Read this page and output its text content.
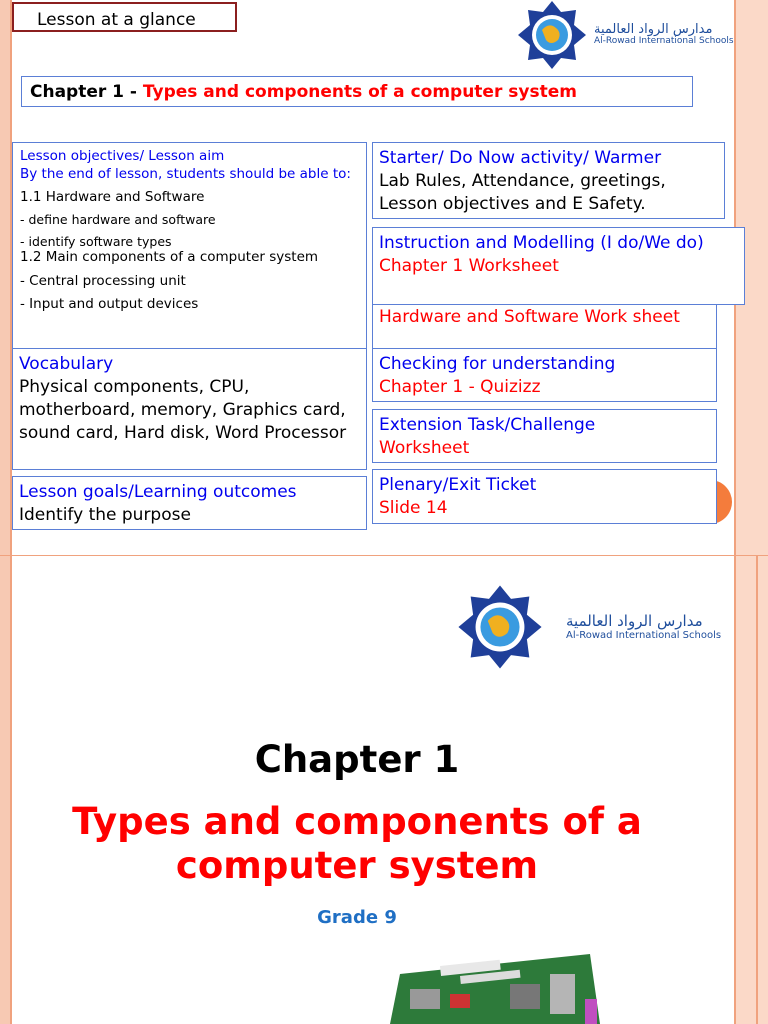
Lesson at a glance	مدارس الرواد العالمية
Al-Rowad International Schools
Chapter 1 - Types and components of a computer system
Lesson objectives/ Lesson aim
By the end of lesson, students should be able to:
1.1 Hardware and Software
- define hardware and software
- identify software types
1.2 Main components of a computer system
- Central processing unit
- Input and output devices
Vocabulary
Physical components, CPU, motherboard, memory, Graphics card, sound card, Hard disk, Word Processor
Lesson goals/Learning outcomes
Identify the purpose
Starter/ Do Now activity/ Warmer
Lab Rules, Attendance, greetings, Lesson objectives and E Safety.
Hardware and Software Work sheet
Instruction and Modelling (I do/We do)
Chapter 1 Worksheet
Checking for understanding
Chapter 1 - Quizizz
Extension Task/Challenge
Worksheet
Plenary/Exit Ticket
Slide 14
مدارس الرواد العالمية
Al-Rowad International Schools
Chapter 1
Types and components of a computer system
Grade 9
